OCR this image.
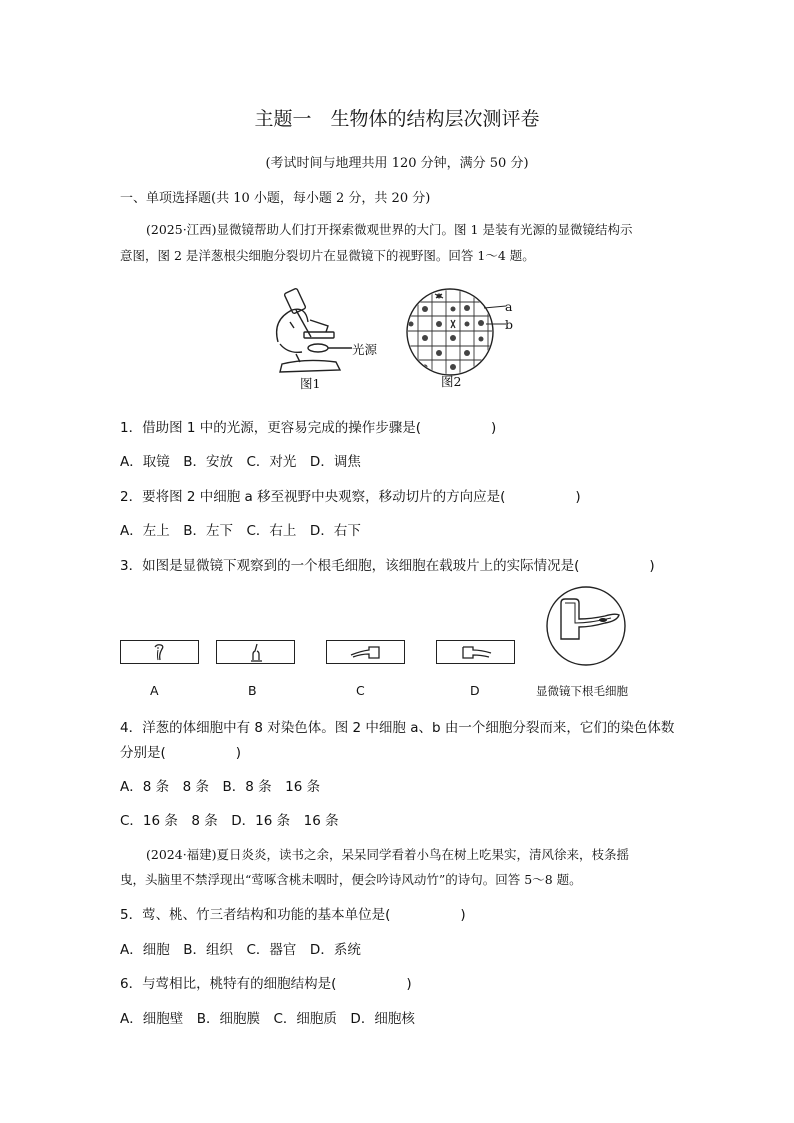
主题一　生物体的结构层次测评卷
(考试时间与地理共用 120 分钟，满分 50 分)
一、单项选择题(共 10 小题，每小题 2 分，共 20 分)
(2025·江西)显微镜帮助人们打开探索微观世界的大门。图 1 是装有光源的显微镜结构示
意图，图 2 是洋葱根尖细胞分裂切片在显微镜下的视野图。回答 1～4 题。
光源
图1
a
b
图2
1．借助图 1 中的光源，更容易完成的操作步骤是(	)
A．取镜　B．安放　C．对光　D．调焦
2．要将图 2 中细胞 a 移至视野中央观察，移动切片的方向应是(	)
A．左上　B．左下　C．右上　D．右下
3．如图是显微镜下观察到的一个根毛细胞，该细胞在载玻片上的实际情况是(	)
A	B	C	D	显微镜下根毛细胞
4．洋葱的体细胞中有 8 对染色体。图 2 中细胞 a、b 由一个细胞分裂而来，它们的染色体数
分别是(	)
A．8 条　8 条　B．8 条　16 条
C．16 条　8 条　D．16 条　16 条
(2024·福建)夏日炎炎，读书之余，呆呆同学看着小鸟在树上吃果实，清风徐来，枝条摇
曳，头脑里不禁浮现出“莺啄含桃未咽时，便会吟诗风动竹”的诗句。回答 5～8 题。
5．莺、桃、竹三者结构和功能的基本单位是(	)
A．细胞　B．组织　C．器官　D．系统
6．与莺相比，桃特有的细胞结构是(	)
A．细胞壁　B．细胞膜　C．细胞质　D．细胞核
